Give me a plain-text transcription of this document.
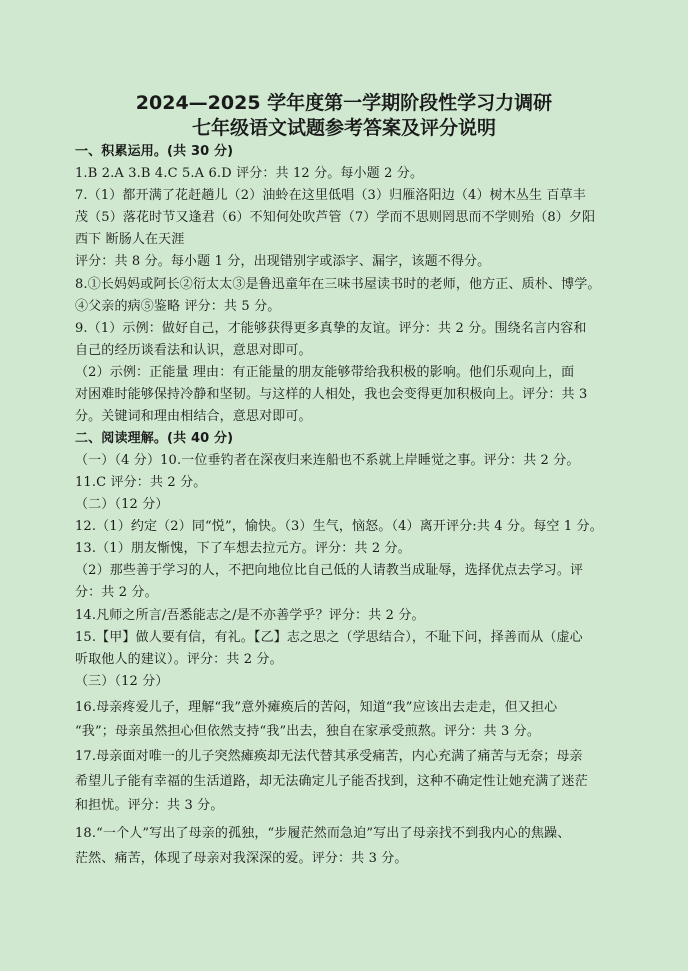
2024—2025 学年度第一学期阶段性学习力调研
七年级语文试题参考答案及评分说明
一、积累运用。(共 30 分)
1.B 2.A 3.B 4.C 5.A 6.D 评分：共 12 分。每小题 2 分。
7.（1）都开满了花赶趟儿（2）油蛉在这里低唱（3）归雁洛阳边（4）树木丛生 百草丰
茂（5）落花时节又逢君（6）不知何处吹芦管（7）学而不思则罔思而不学则殆（8）夕阳
西下 断肠人在天涯
评分：共 8 分。每小题 1 分，出现错别字或添字、漏字，该题不得分。
8.①长妈妈或阿长②衍太太③是鲁迅童年在三味书屋读书时的老师，他方正、质朴、博学。
④父亲的病⑤鉴略 评分：共 5 分。
9.（1）示例：做好自己，才能够获得更多真挚的友谊。评分：共 2 分。围绕名言内容和
自己的经历谈看法和认识，意思对即可。
（2）示例：正能量 理由：有正能量的朋友能够带给我积极的影响。他们乐观向上，面
对困难时能够保持冷静和坚韧。与这样的人相处，我也会变得更加积极向上。评分：共 3
分。关键词和理由相结合，意思对即可。
二、阅读理解。(共 40 分)
（一）（4 分）10.一位垂钓者在深夜归来连船也不系就上岸睡觉之事。评分：共 2 分。
11.C 评分：共 2 分。
（二）（12 分）
12.（1）约定（2）同“悦”，愉快。（3）生气，恼怒。（4）离开评分:共 4 分。每空 1 分。
13.（1）朋友惭愧，下了车想去拉元方。评分：共 2 分。
（2）那些善于学习的人，不把向地位比自己低的人请教当成耻辱，选择优点去学习。评
分：共 2 分。
14.凡师之所言/吾悉能志之/是不亦善学乎？评分：共 2 分。
15.【甲】做人要有信，有礼。【乙】志之思之（学思结合），不耻下问，择善而从（虚心
听取他人的建议）。评分：共 2 分。
（三）（12 分）
16.母亲疼爱儿子，理解“我”意外瘫痪后的苦闷，知道“我”应该出去走走，但又担心
“我”；母亲虽然担心但依然支持“我”出去，独自在家承受煎熬。评分：共 3 分。
17.母亲面对唯一的儿子突然瘫痪却无法代替其承受痛苦，内心充满了痛苦与无奈；母亲
希望儿子能有幸福的生活道路，却无法确定儿子能否找到，这种不确定性让她充满了迷茫
和担忧。评分：共 3 分。
18.“一个人”写出了母亲的孤独，“步履茫然而急迫”写出了母亲找不到我内心的焦躁、
茫然、痛苦，体现了母亲对我深深的爱。评分：共 3 分。
